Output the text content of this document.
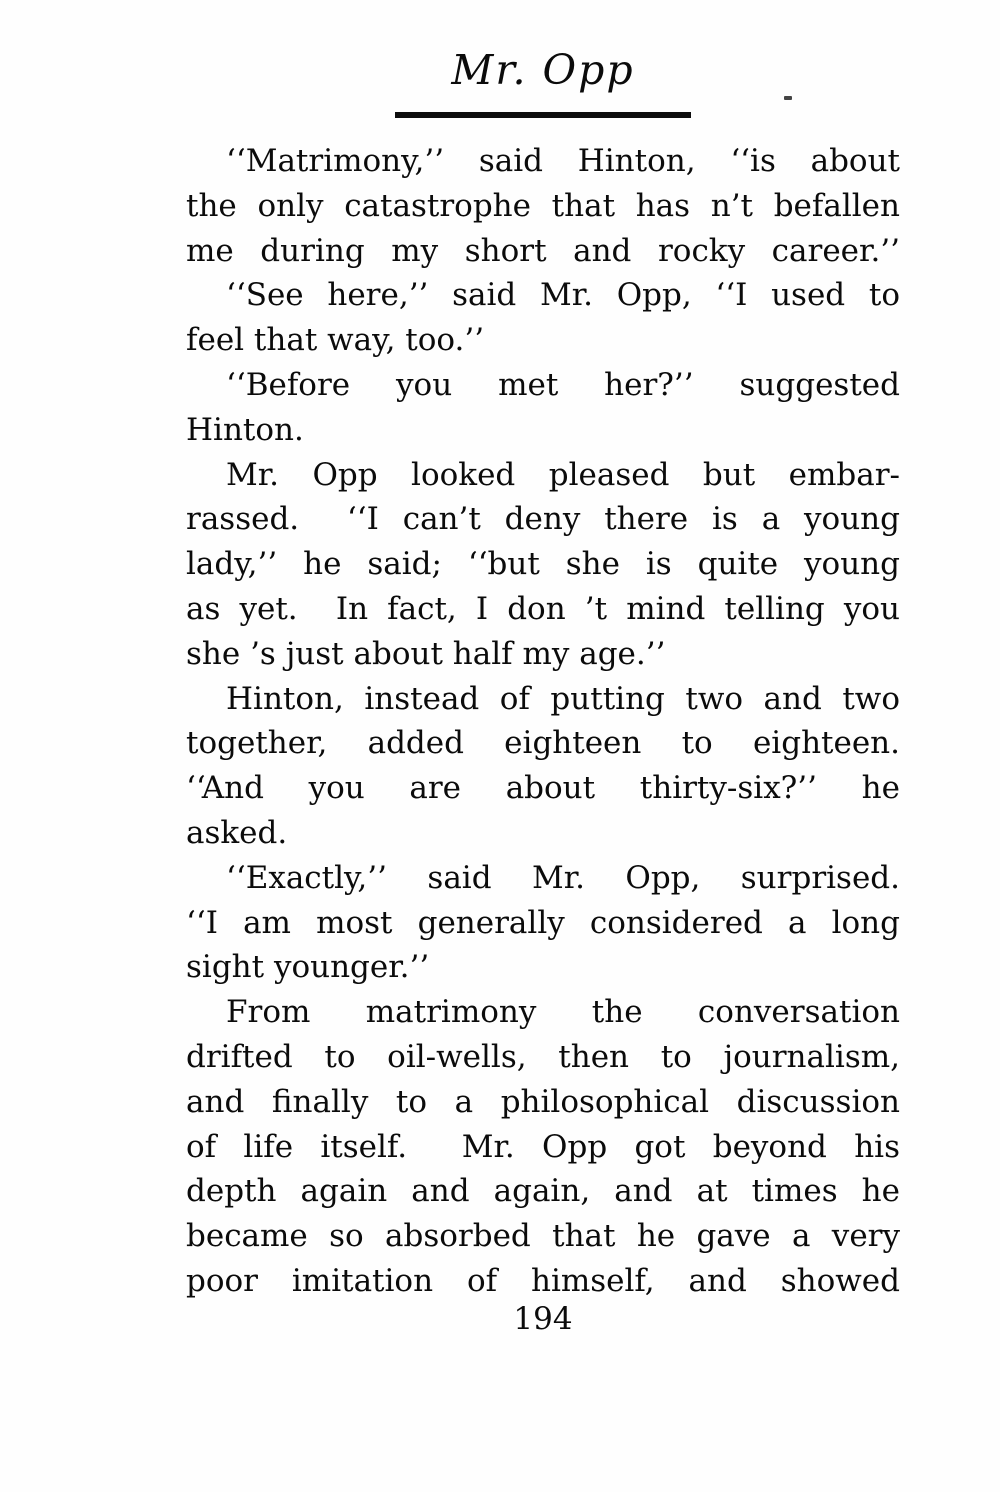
Mr. Opp
‘‘Matrimony,’’ said Hinton, ‘‘is about
the only catastrophe that has n’t befallen
me during my short and rocky career.’’
‘‘See here,’’ said Mr. Opp, ‘‘I used to
feel that way, too.’’
‘‘Before you met her?’’ suggested
Hinton.
Mr. Opp looked pleased but embar-
rassed.  ‘‘I can’t deny there is a young
lady,’’ he said; ‘‘but she is quite young
as yet.  In fact, I don ’t mind telling you
she ’s just about half my age.’’
Hinton, instead of putting two and two
together, added eighteen to eighteen.
‘‘And you are about thirty-six?’’ he
asked.
‘‘Exactly,’’ said Mr. Opp, surprised.
‘‘I am most generally considered a long
sight younger.’’
From matrimony the conversation
drifted to oil-wells, then to journalism,
and finally to a philosophical discussion
of life itself.  Mr. Opp got beyond his
depth again and again, and at times he
became so absorbed that he gave a very
poor imitation of himself, and showed
194
